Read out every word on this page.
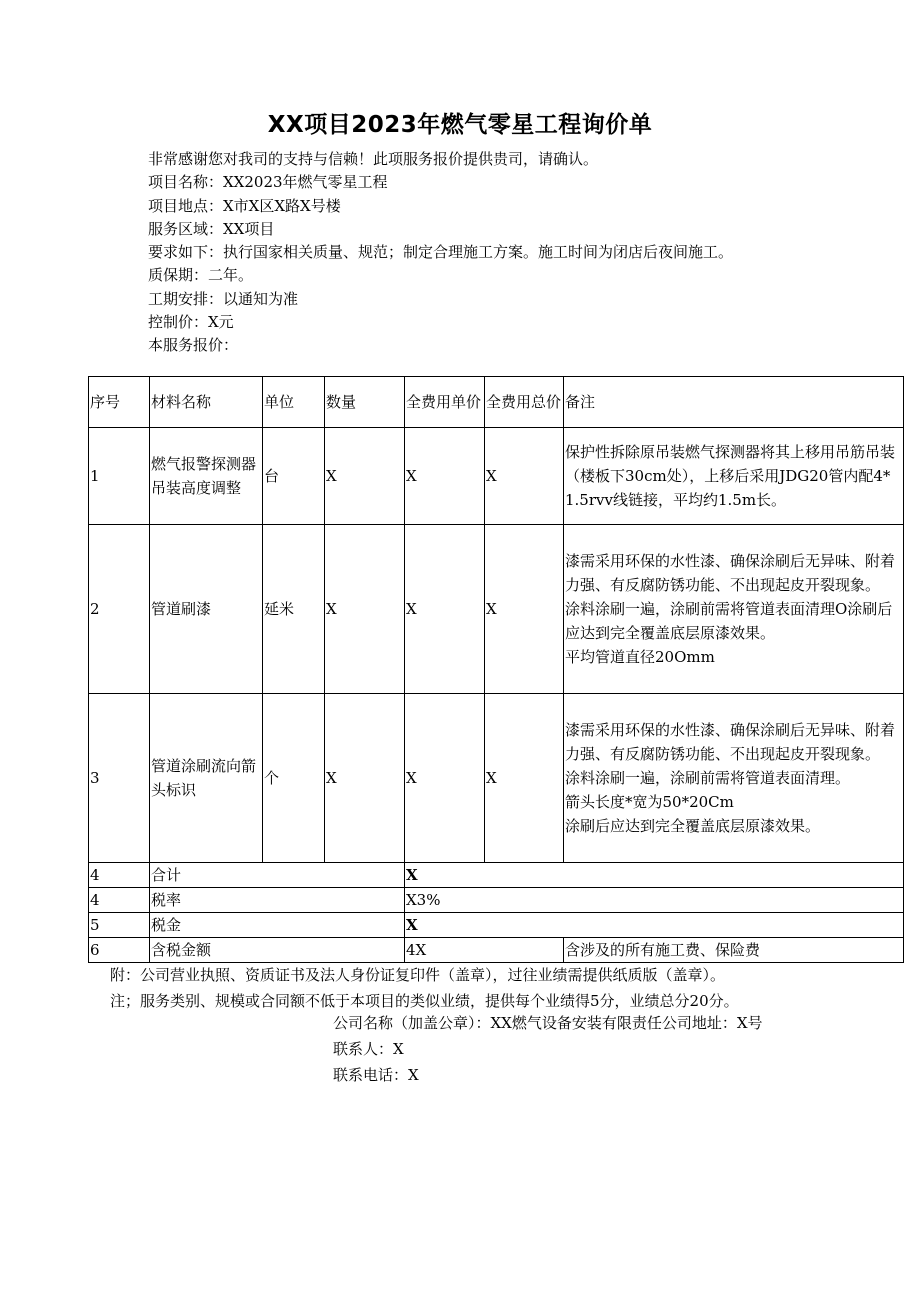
XX项目2023年燃气零星工程询价单
非常感谢您对我司的支持与信赖！此项服务报价提供贵司，请确认。
项目名称：XX2023年燃气零星工程
项目地点：X市X区X路X号楼
服务区域：XX项目
要求如下：执行国家相关质量、规范；制定合理施工方案。施工时间为闭店后夜间施工。
质保期：二年。
工期安排：以通知为准
控制价：X元
本服务报价：
序号	材料名称	单位	数量	全费用单价	全费用总价	备注
1	燃气报警探测器吊装高度调整	台	X	X	X	保护性拆除原吊装燃气探测器将其上移用吊筋吊装（楼板下30cm处），上移后采用JDG20管内配4*1.5rvv线链接，平均约1.5m长。

2	管道刷漆	延米	X	X	X	漆需采用环保的水性漆、确保涂刷后无异味、附着力强、有反腐防锈功能、不出现起皮开裂现象。
涂料涂刷一遍，涂刷前需将管道表面清理O涂刷后应达到完全覆盖底层原漆效果。
平均管道直径20Omm

3	管道涂刷流向箭头标识	个	X	X	X	漆需采用环保的水性漆、确保涂刷后无异味、附着力强、有反腐防锈功能、不出现起皮开裂现象。
涂料涂刷一遍，涂刷前需将管道表面清理。
箭头长度*宽为50*20Cm
涂刷后应达到完全覆盖底层原漆效果。

4	合计			X		
4	税率			X3%		
5	税金			X		
6	含税金额			4X		含涉及的所有施工费、保险费
附：公司营业执照、资质证书及法人身份证复印件（盖章），过往业绩需提供纸质版（盖章）。
注；服务类别、规模或合同额不低于本项目的类似业绩，提供每个业绩得5分，业绩总分20分。
公司名称（加盖公章）：XX燃气设备安装有限责任公司地址：X号
联系人：X
联系电话：X
